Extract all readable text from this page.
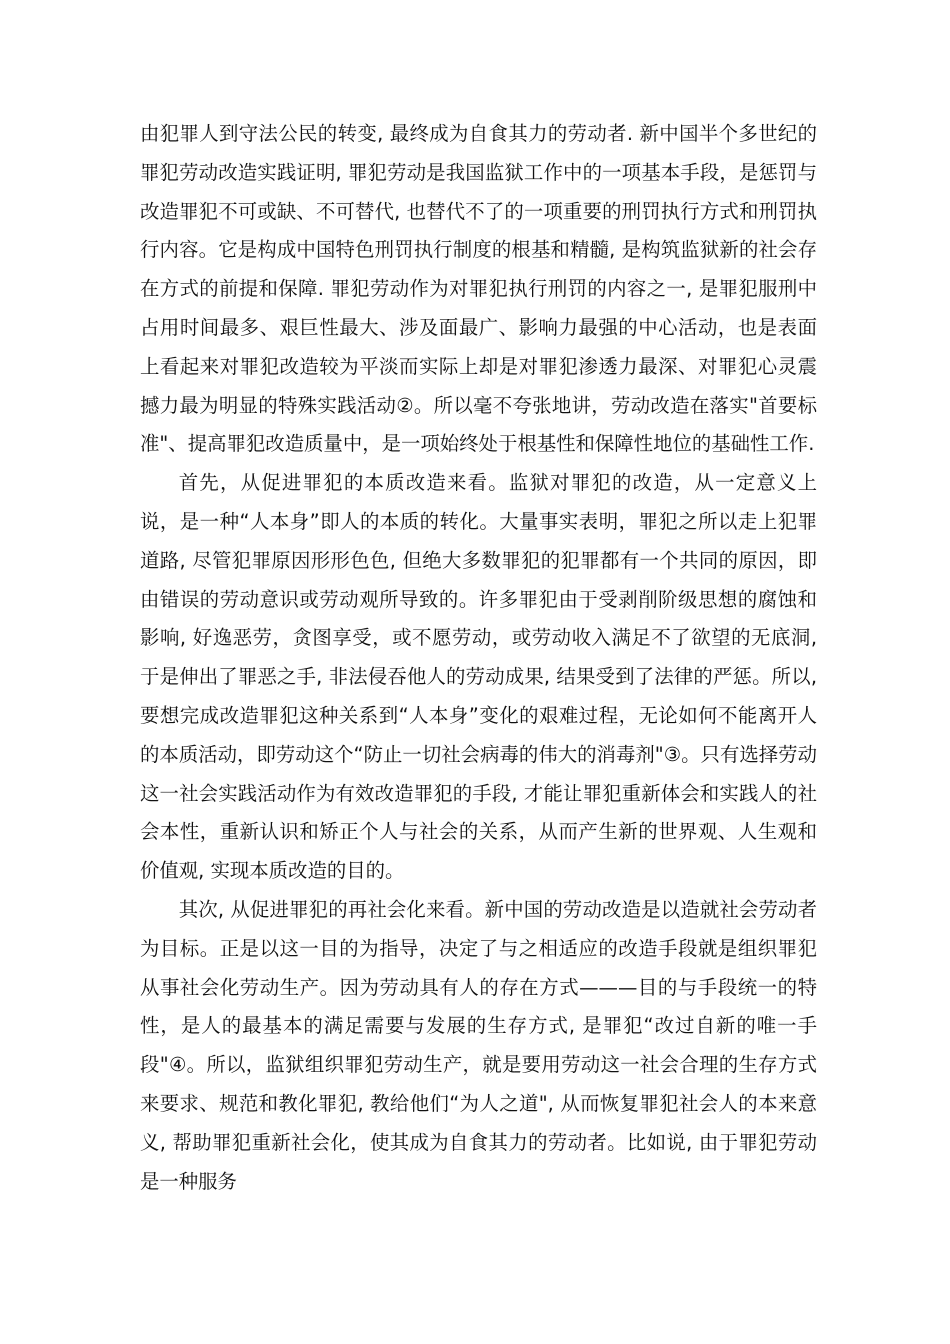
由犯罪人到守法公民的转变, 最终成为自食其力的劳动者. 新中国半个多世纪的罪犯劳动改造实践证明, 罪犯劳动是我国监狱工作中的一项基本手段，是惩罚与改造罪犯不可或缺、不可替代, 也替代不了的一项重要的刑罚执行方式和刑罚执行内容。它是构成中国特色刑罚执行制度的根基和精髓, 是构筑监狱新的社会存在方式的前提和保障. 罪犯劳动作为对罪犯执行刑罚的内容之一, 是罪犯服刑中占用时间最多、艰巨性最大、涉及面最广、影响力最强的中心活动，也是表面上看起来对罪犯改造较为平淡而实际上却是对罪犯渗透力最深、对罪犯心灵震撼力最为明显的特殊实践活动②。所以毫不夸张地讲，劳动改造在落实"首要标准"、提高罪犯改造质量中，是一项始终处于根基性和保障性地位的基础性工作.

首先，从促进罪犯的本质改造来看。监狱对罪犯的改造，从一定意义上说，是一种“人本身”即人的本质的转化。大量事实表明，罪犯之所以走上犯罪道路, 尽管犯罪原因形形色色, 但绝大多数罪犯的犯罪都有一个共同的原因，即由错误的劳动意识或劳动观所导致的。许多罪犯由于受剥削阶级思想的腐蚀和影响, 好逸恶劳，贪图享受，或不愿劳动，或劳动收入满足不了欲望的无底洞, 于是伸出了罪恶之手, 非法侵吞他人的劳动成果, 结果受到了法律的严惩。所以, 要想完成改造罪犯这种关系到“人本身”变化的艰难过程，无论如何不能离开人的本质活动，即劳动这个“防止一切社会病毒的伟大的消毒剂"③。只有选择劳动这一社会实践活动作为有效改造罪犯的手段, 才能让罪犯重新体会和实践人的社会本性，重新认识和矫正个人与社会的关系，从而产生新的世界观、人生观和价值观, 实现本质改造的目的。

其次, 从促进罪犯的再社会化来看。新中国的劳动改造是以造就社会劳动者为目标。正是以这一目的为指导，决定了与之相适应的改造手段就是组织罪犯从事社会化劳动生产。因为劳动具有人的存在方式———目的与手段统一的特性，是人的最基本的满足需要与发展的生存方式, 是罪犯“改过自新的唯一手段"④。所以，监狱组织罪犯劳动生产，就是要用劳动这一社会合理的生存方式来要求、规范和教化罪犯, 教给他们“为人之道", 从而恢复罪犯社会人的本来意义, 帮助罪犯重新社会化，使其成为自食其力的劳动者。比如说, 由于罪犯劳动是一种服务
